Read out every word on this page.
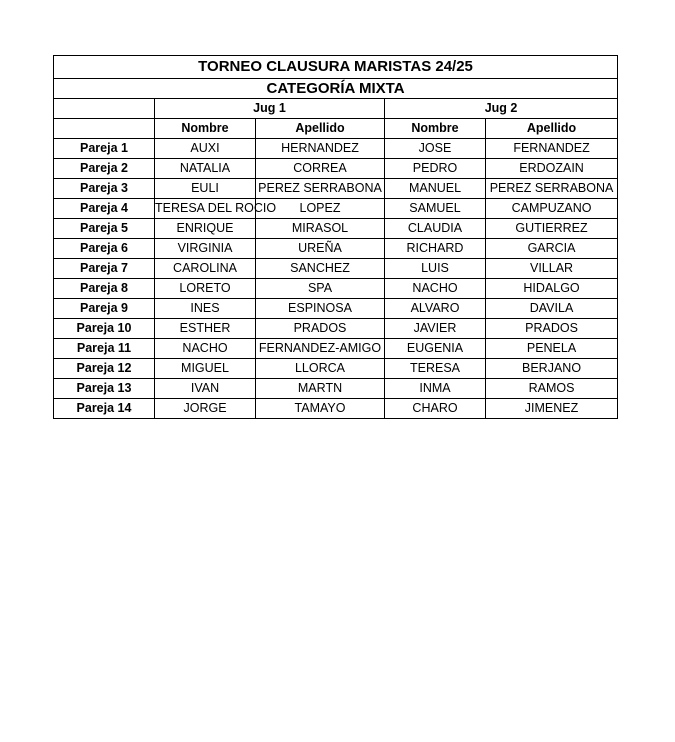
TORNEO CLAUSURA MARISTAS 24/25				
CATEGORÍA MIXTA				
	Jug 1		Jug 2	
	Nombre	Apellido	Nombre	Apellido
Pareja 1	AUXI	HERNANDEZ	JOSE	FERNANDEZ
Pareja 2	NATALIA	CORREA	PEDRO	ERDOZAIN
Pareja 3	EULI	PEREZ SERRABONA	MANUEL	PEREZ SERRABONA
Pareja 4	TERESA DEL ROCIO	LOPEZ	SAMUEL	CAMPUZANO
Pareja 5	ENRIQUE	MIRASOL	CLAUDIA	GUTIERREZ
Pareja 6	VIRGINIA	UREÑA	RICHARD	GARCIA
Pareja 7	CAROLINA	SANCHEZ	LUIS	VILLAR
Pareja 8	LORETO	SPA	NACHO	HIDALGO
Pareja 9	INES	ESPINOSA	ALVARO	DAVILA
Pareja 10	ESTHER	PRADOS	JAVIER	PRADOS
Pareja 11	NACHO	FERNANDEZ-AMIGO	EUGENIA	PENELA
Pareja 12	MIGUEL	LLORCA	TERESA	BERJANO
Pareja 13	IVAN	MARTN	INMA	RAMOS
Pareja 14	JORGE	TAMAYO	CHARO	JIMENEZ
